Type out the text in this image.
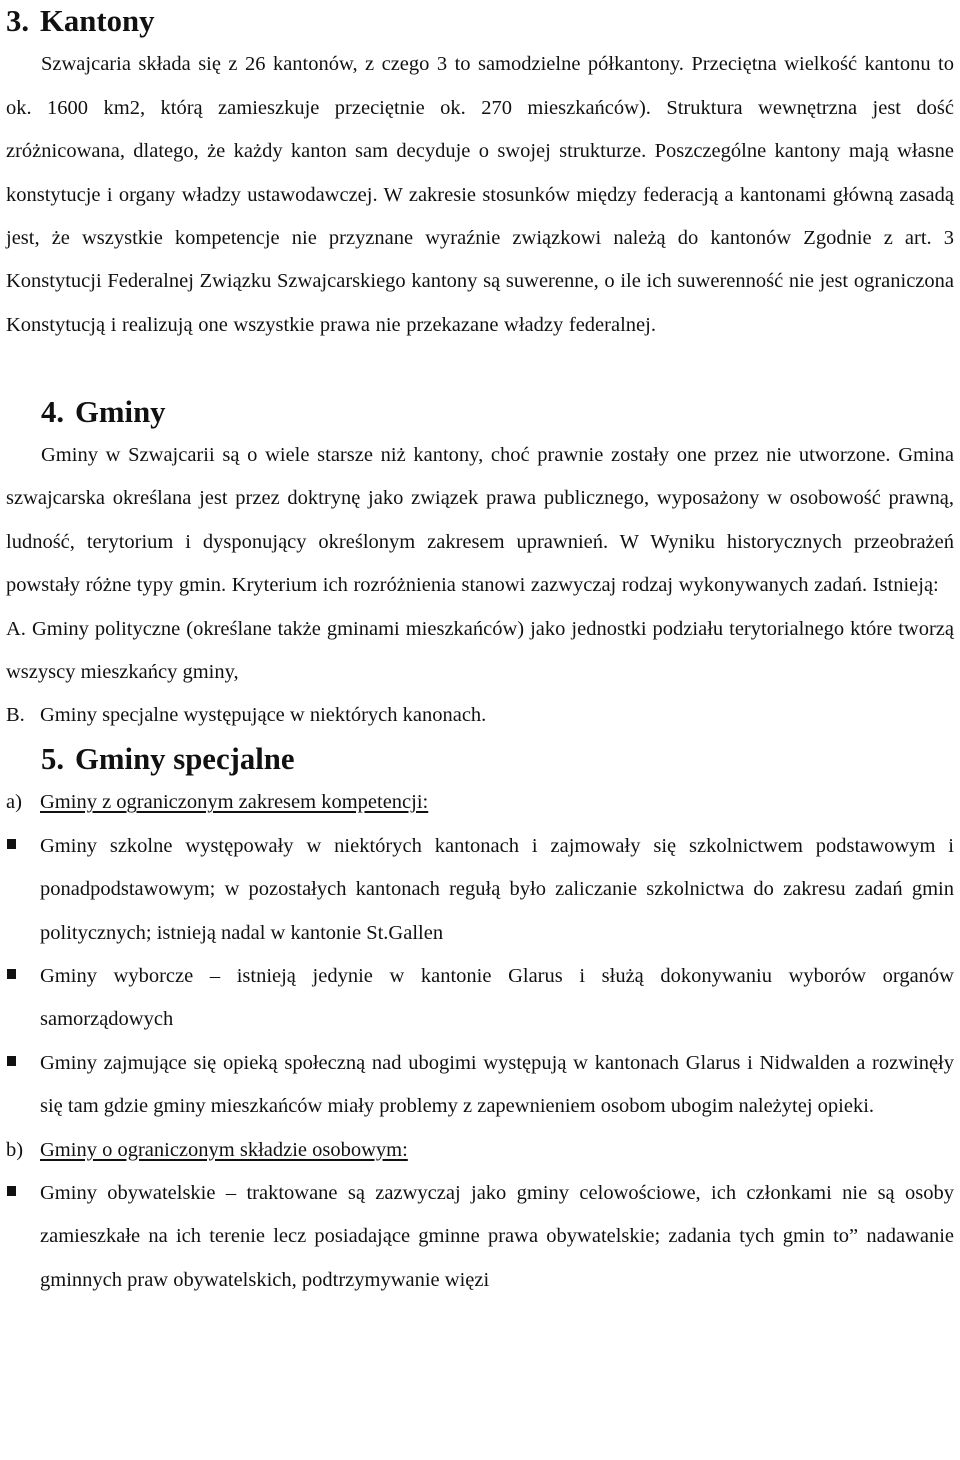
3. Kantony

Szwajcaria składa się z 26 kantonów, z czego 3 to samodzielne półkantony. Przeciętna wielkość kantonu to ok. 1600 km2, którą zamieszkuje przeciętnie ok. 270 mieszkańców). Struktura wewnętrzna jest dość zróżnicowana, dlatego, że każdy kanton sam decyduje o swojej strukturze. Poszczególne kantony mają własne konstytucje i organy władzy ustawodawczej. W zakresie stosunków między federacją a kantonami główną zasadą jest, że wszystkie kompetencje nie przyznane wyraźnie związkowi należą do kantonów Zgodnie z art. 3 Konstytucji Federalnej Związku Szwajcarskiego kantony są suwerenne, o ile ich suwerenność nie jest ograniczona Konstytucją i realizują one wszystkie prawa nie przekazane władzy federalnej.

4. Gminy

Gminy w Szwajcarii są o wiele starsze niż kantony, choć prawnie zostały one przez nie utworzone. Gmina szwajcarska określana jest przez doktrynę jako związek prawa publicznego, wyposażony w osobowość prawną, ludność, terytorium i dysponujący określonym zakresem uprawnień. W Wyniku historycznych przeobrażeń powstały różne typy gmin. Kryterium ich rozróżnienia stanowi zazwyczaj rodzaj wykonywanych zadań. Istnieją:

A. Gminy polityczne (określane także gminami mieszkańców) jako jednostki podziału terytorialnego które tworzą wszyscy mieszkańcy gminy,

B. Gminy specjalne występujące w niektórych kanonach.

5. Gminy specjalne

a) Gminy z ograniczonym zakresem kompetencji:

Gminy szkolne występowały w niektórych kantonach i zajmowały się szkolnictwem podstawowym i ponadpodstawowym; w pozostałych kantonach regułą było zaliczanie szkolnictwa do zakresu zadań gmin politycznych; istnieją nadal w kantonie St.Gallen
Gminy wyborcze – istnieją jedynie w kantonie Glarus i służą dokonywaniu wyborów organów samorządowych
Gminy zajmujące się opieką społeczną nad ubogimi występują w kantonach Glarus i Nidwalden a rozwinęły się tam gdzie gminy mieszkańców miały problemy z zapewnieniem osobom ubogim należytej opieki.

b) Gminy o ograniczonym składzie osobowym:

Gminy obywatelskie – traktowane są zazwyczaj jako gminy celowościowe, ich członkami nie są osoby zamieszkałe na ich terenie lecz posiadające gminne prawa obywatelskie; zadania tych gmin to” nadawanie gminnych praw obywatelskich, podtrzymywanie więzi
